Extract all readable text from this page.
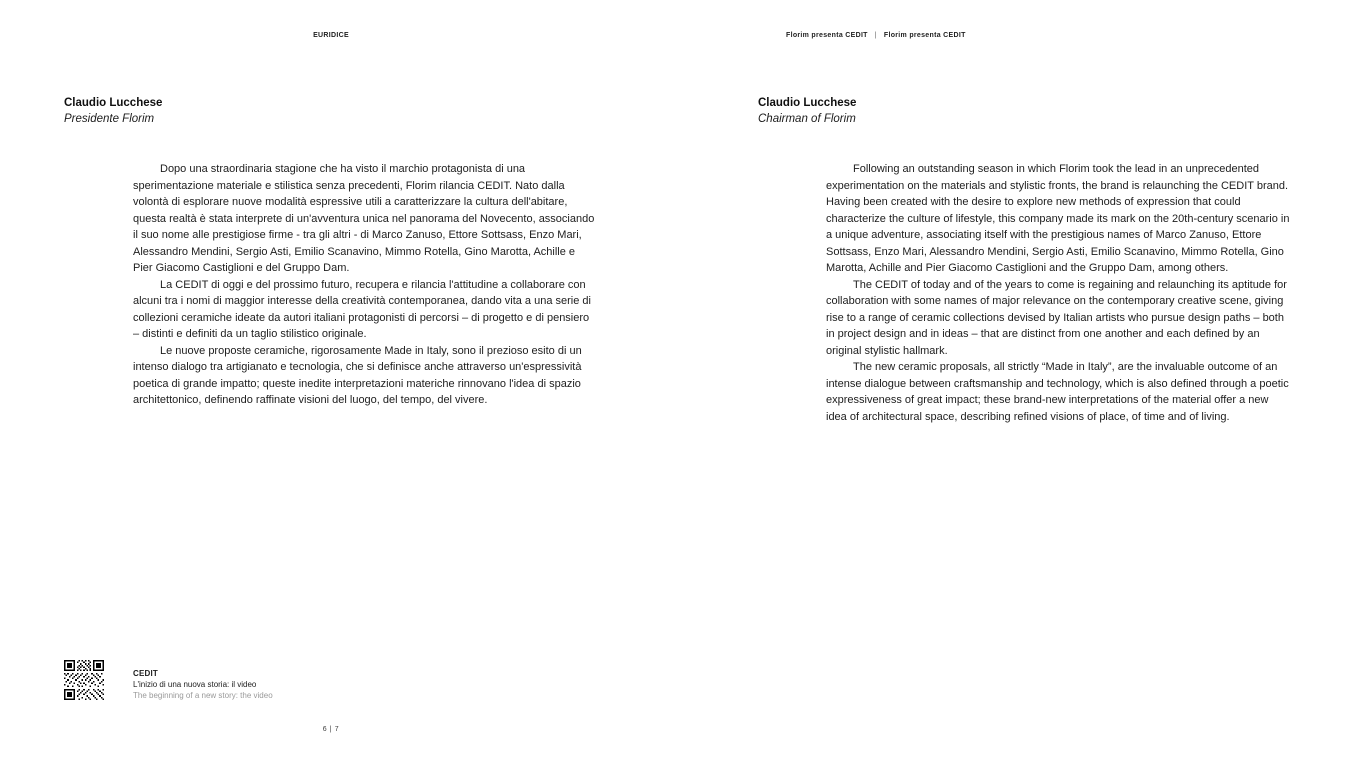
EURIDICE
Claudio Lucchese
Presidente Florim

Dopo una straordinaria stagione che ha visto il marchio protagonista di una sperimentazione materiale e stilistica senza precedenti, Florim rilancia CEDIT. Nato dalla volontà di esplorare nuove modalità espressive utili a caratterizzare la cultura dell'abitare, questa realtà è stata interprete di un'avventura unica nel panorama del Novecento, associando il suo nome alle prestigiose firme - tra gli altri - di Marco Zanuso, Ettore Sottsass, Enzo Mari, Alessandro Mendini, Sergio Asti, Emilio Scanavino, Mimmo Rotella, Gino Marotta, Achille e Pier Giacomo Castiglioni e del Gruppo Dam.

La CEDIT di oggi e del prossimo futuro, recupera e rilancia l'attitudine a collaborare con alcuni tra i nomi di maggior interesse della creatività contemporanea, dando vita a una serie di collezioni ceramiche ideate da autori italiani protagonisti di percorsi – di progetto e di pensiero – distinti e definiti da un taglio stilistico originale.

Le nuove proposte ceramiche, rigorosamente Made in Italy, sono il prezioso esito di un intenso dialogo tra artigianato e tecnologia, che si definisce anche attraverso un'espressività poetica di grande impatto; queste inedite interpretazioni materiche rinnovano l'idea di spazio architettonico, definendo raffinate visioni del luogo, del tempo, del vivere.

CEDIT
L'inizio di una nuova storia: il video
The beginning of a new story: the video
6 | 7
Florim presenta CEDIT | Florim presenta CEDIT
Claudio Lucchese
Chairman of Florim

Following an outstanding season in which Florim took the lead in an unprecedented experimentation on the materials and stylistic fronts, the brand is relaunching the CEDIT brand. Having been created with the desire to explore new methods of expression that could characterize the culture of lifestyle, this company made its mark on the 20th-century scenario in a unique adventure, associating itself with the prestigious names of Marco Zanuso, Ettore Sottsass, Enzo Mari, Alessandro Mendini, Sergio Asti, Emilio Scanavino, Mimmo Rotella, Gino Marotta, Achille and Pier Giacomo Castiglioni and the Gruppo Dam, among others.

The CEDIT of today and of the years to come is regaining and relaunching its aptitude for collaboration with some names of major relevance on the contemporary creative scene, giving rise to a range of ceramic collections devised by Italian artists who pursue design paths – both in project design and in ideas – that are distinct from one another and each defined by an original stylistic hallmark.

The new ceramic proposals, all strictly “Made in Italy”, are the invaluable outcome of an intense dialogue between craftsmanship and technology, which is also defined through a poetic expressiveness of great impact; these brand-new interpretations of the material offer a new idea of architectural space, describing refined visions of place, of time and of living.
